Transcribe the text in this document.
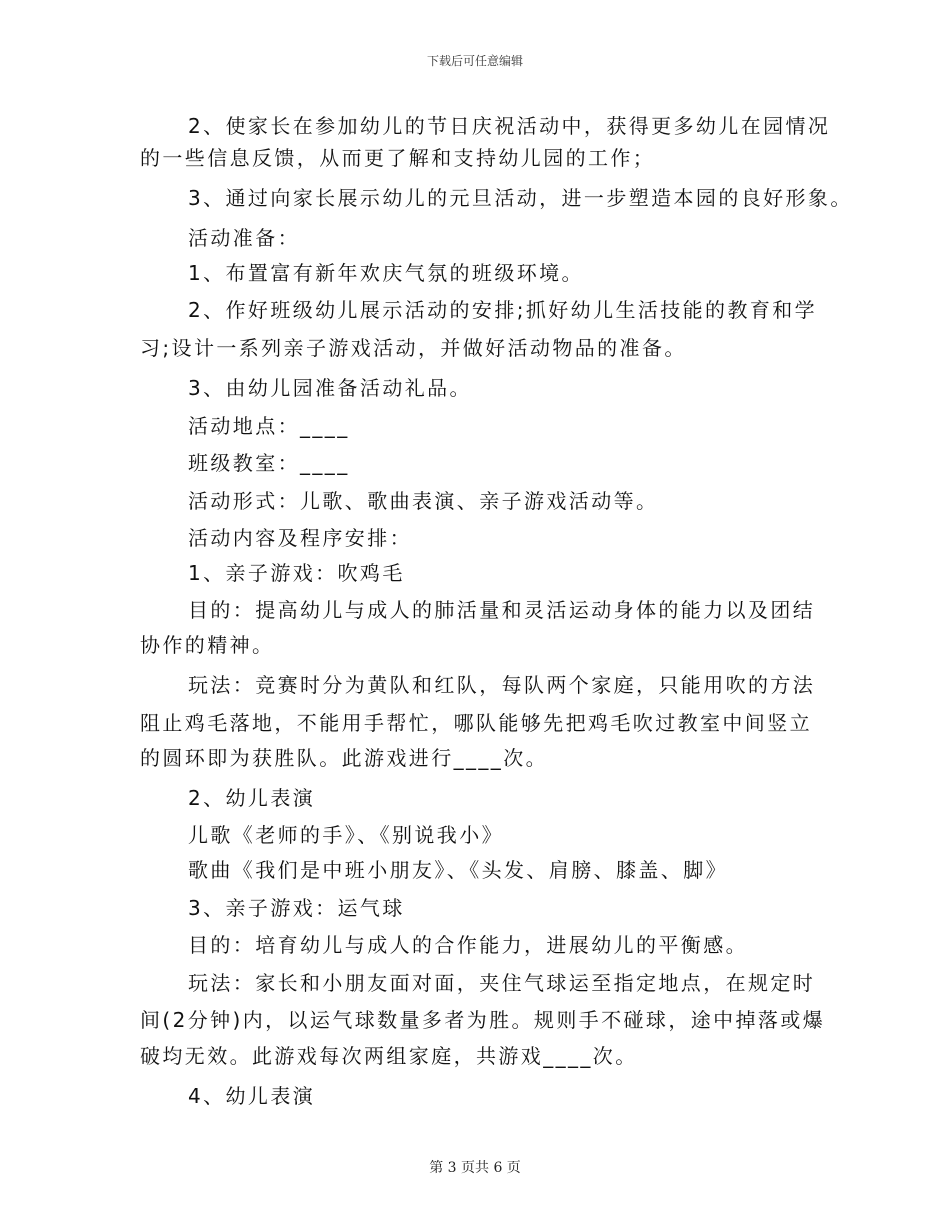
下载后可任意编辑
2、使家长在参加幼儿的节日庆祝活动中，获得更多幼儿在园情况
的一些信息反馈，从而更了解和支持幼儿园的工作；
3、通过向家长展示幼儿的元旦活动，进一步塑造本园的良好形象。
活动准备：
1、布置富有新年欢庆气氛的班级环境。
2、作好班级幼儿展示活动的安排;抓好幼儿生活技能的教育和学
习;设计一系列亲子游戏活动，并做好活动物品的准备。
3、由幼儿园准备活动礼品。
活动地点：____
班级教室：____
活动形式：儿歌、歌曲表演、亲子游戏活动等。
活动内容及程序安排：
1、亲子游戏：吹鸡毛
目的：提高幼儿与成人的肺活量和灵活运动身体的能力以及团结
协作的精神。
玩法：竞赛时分为黄队和红队，每队两个家庭，只能用吹的方法
阻止鸡毛落地，不能用手帮忙，哪队能够先把鸡毛吹过教室中间竖立
的圆环即为获胜队。此游戏进行____次。
2、幼儿表演
儿歌《老师的手》、《别说我小》
歌曲《我们是中班小朋友》、《头发、肩膀、膝盖、脚》
3、亲子游戏：运气球
目的：培育幼儿与成人的合作能力，进展幼儿的平衡感。
玩法：家长和小朋友面对面，夹住气球运至指定地点，在规定时
间(2分钟)内，以运气球数量多者为胜。规则手不碰球，途中掉落或爆
破均无效。此游戏每次两组家庭，共游戏____次。
4、幼儿表演
第 3 页共 6 页
